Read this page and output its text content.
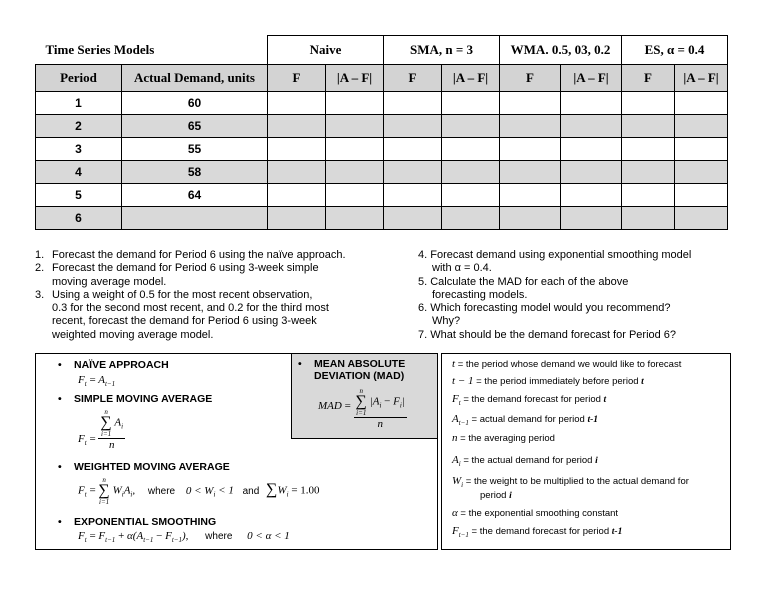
Time Series Models		Naive		SMA, n = 3		WMA. 0.5, 03, 0.2		ES, α = 0.4	
Period	Actual Demand, units	F	|A – F|	F	|A – F|	F	|A – F|	F	|A – F|
1	60								
2	65								
3	55								
4	58								
5	64								
6									
1. Forecast the demand for Period 6 using the naïve approach.
2. Forecast the demand for Period 6 using 3-week simple
moving average model.
3. Using a weight of 0.5 for the most recent observation,
0.3 for the second most recent, and 0.2 for the third most
recent, forecast the demand for Period 6 using 3-week
weighted moving average model.
4. Forecast demand using exponential smoothing model
with α = 0.4.
5. Calculate the MAD for each of the above
forecasting models.
6. Which forecasting model would you recommend?
Why?
7. What should be the demand forecast for Period 6?
• MEAN ABSOLUTE
DEVIATION (MAD)
MAD = n
∑
i=1
$|A_i - F_i|$
n
• NAÏVE APPROACH
$F_t = A_{t-1}$
• SIMPLE MOVING AVERAGE
$F_t = n$
∑
i=1
$A_i$
n
• WEIGHTED MOVING AVERAGE
$F_t$ =
n
∑
i=1
$W_iA_i$, where $0 < W_i < 1$ and $\sum W_i = 1.00$
• EXPONENTIAL SMOOTHING
$F_t = F_{t-1} + \alpha(A_{t-1} - F_{t-1})$, where 0 < α < 1
t = the period whose demand we would like to forecast
t − 1 = the period immediately before period t
$F_t$ = the demand forecast for period t
$A_{t-1}$ = actual demand for period t-1
n = the averaging period
$A_i$ = the actual demand for period i
$W_i$ = the weight to be multiplied to the actual demand for
period i
α = the exponential smoothing constant
$F_{t-1}$ = the demand forecast for period t-1
